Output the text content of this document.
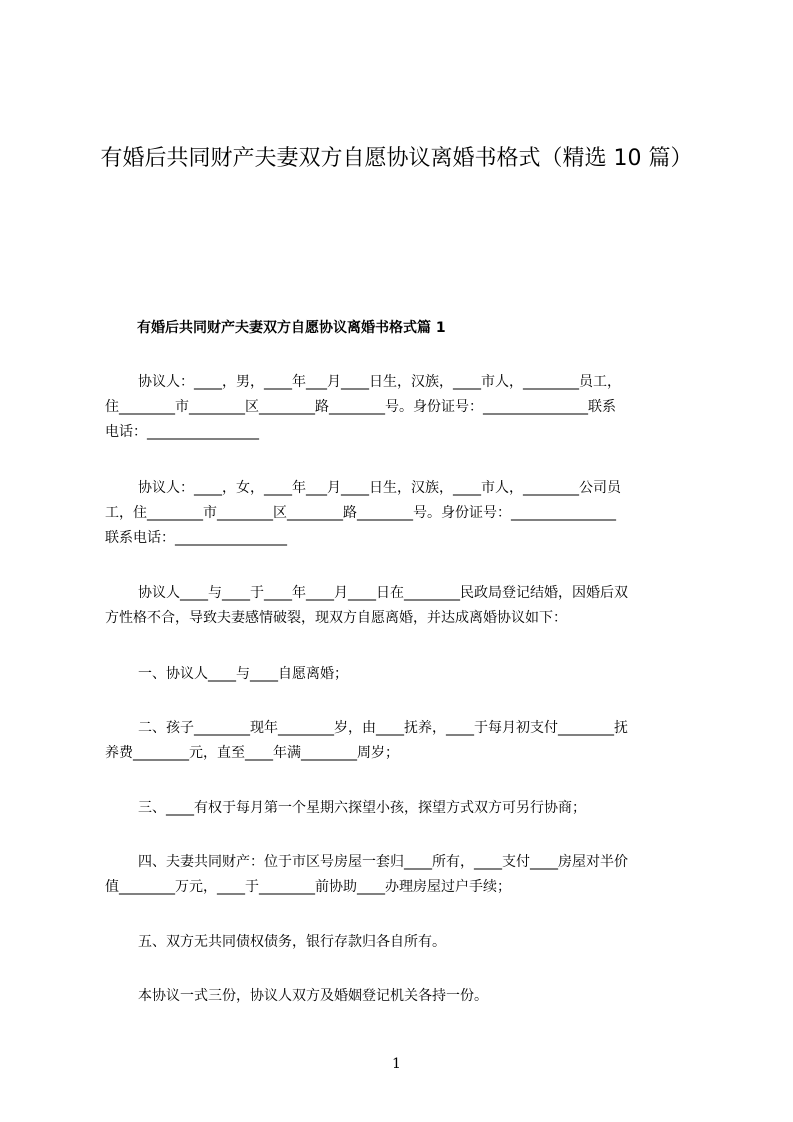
有婚后共同财产夫妻双方自愿协议离婚书格式（精选 10 篇）
有婚后共同财产夫妻双方自愿协议离婚书格式篇 1
协议人：____，男，____年___月____日生，汉族，____市人，________员工，
住________市________区________路________号。身份证号：_______________联系
电话：________________
协议人：____，女，____年___月____日生，汉族，____市人，________公司员
工，住________市________区________路________号。身份证号：_______________
联系电话：________________
协议人____与____于____年____月____日在________民政局登记结婚，因婚后双
方性格不合，导致夫妻感情破裂，现双方自愿离婚，并达成离婚协议如下：
一、协议人____与____自愿离婚；
二、孩子________现年________岁，由____抚养，____于每月初支付________抚
养费________元，直至____年满________周岁；
三、____有权于每月第一个星期六探望小孩，探望方式双方可另行协商；
四、夫妻共同财产：位于市区号房屋一套归____所有，____支付____房屋对半价
值________万元，____于________前协助____办理房屋过户手续；
五、双方无共同债权债务，银行存款归各自所有。
本协议一式三份，协议人双方及婚姻登记机关各持一份。
1
